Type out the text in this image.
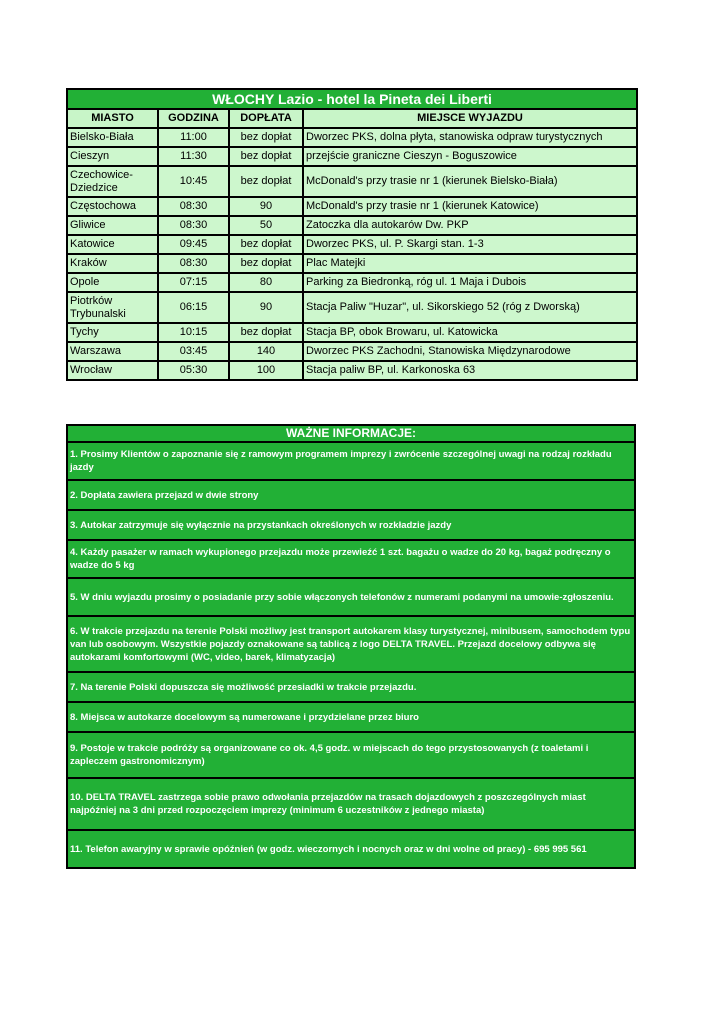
WŁOCHY Lazio - hotel la Pineta dei Liberti			
MIASTO	GODZINA	DOPŁATA	MIEJSCE WYJAZDU
Bielsko-Biała	11:00	bez dopłat	Dworzec PKS, dolna płyta, stanowiska odpraw turystycznych
Cieszyn	11:30	bez dopłat	przejście graniczne Cieszyn - Boguszowice
Czechowice-Dziedzice	10:45	bez dopłat	McDonald's przy trasie nr 1 (kierunek Bielsko-Biała)
Częstochowa	08:30	90	McDonald's przy trasie nr 1 (kierunek Katowice)
Gliwice	08:30	50	Zatoczka dla autokarów Dw. PKP
Katowice	09:45	bez dopłat	Dworzec PKS, ul. P. Skargi stan. 1-3
Kraków	08:30	bez dopłat	Plac Matejki
Opole	07:15	80	Parking za Biedronką, róg ul. 1 Maja i Dubois
Piotrków Trybunalski	06:15	90	Stacja Paliw "Huzar", ul. Sikorskiego 52 (róg z Dworską)
Tychy	10:15	bez dopłat	Stacja BP, obok Browaru, ul. Katowicka
Warszawa	03:45	140	Dworzec PKS Zachodni, Stanowiska Międzynarodowe
Wrocław	05:30	100	Stacja paliw BP, ul. Karkonoska 63
WAŻNE INFORMACJE:
1. Prosimy Klientów o zapoznanie się z ramowym programem imprezy i zwrócenie szczególnej uwagi na rodzaj rozkładu jazdy
2. Dopłata zawiera przejazd w dwie strony
3. Autokar zatrzymuje się wyłącznie na przystankach określonych w rozkładzie jazdy
4. Każdy pasażer w ramach wykupionego przejazdu może przewieźć 1 szt. bagażu o wadze do 20 kg, bagaż podręczny o wadze do 5 kg
5. W dniu wyjazdu prosimy o posiadanie przy sobie włączonych telefonów z numerami podanymi na umowie-zgłoszeniu.
6. W trakcie przejazdu na terenie Polski możliwy jest transport autokarem klasy turystycznej, minibusem, samochodem typu van lub osobowym. Wszystkie pojazdy oznakowane są tablicą z logo DELTA TRAVEL. Przejazd docelowy odbywa się autokarami komfortowymi (WC, video, barek, klimatyzacja)
7. Na terenie Polski dopuszcza się możliwość przesiadki w trakcie przejazdu.
8. Miejsca w autokarze docelowym są numerowane i przydzielane przez biuro
9. Postoje w trakcie podróży są organizowane co ok. 4,5 godz. w miejscach do tego przystosowanych (z toaletami i zapleczem gastronomicznym)
10. DELTA TRAVEL zastrzega sobie prawo odwołania przejazdów na trasach dojazdowych z poszczególnych miast najpóźniej na 3 dni przed rozpoczęciem imprezy (minimum 6 uczestników z jednego miasta)
11. Telefon awaryjny w sprawie opóźnień (w godz. wieczornych i nocnych oraz w dni wolne od pracy) - 695 995 561
